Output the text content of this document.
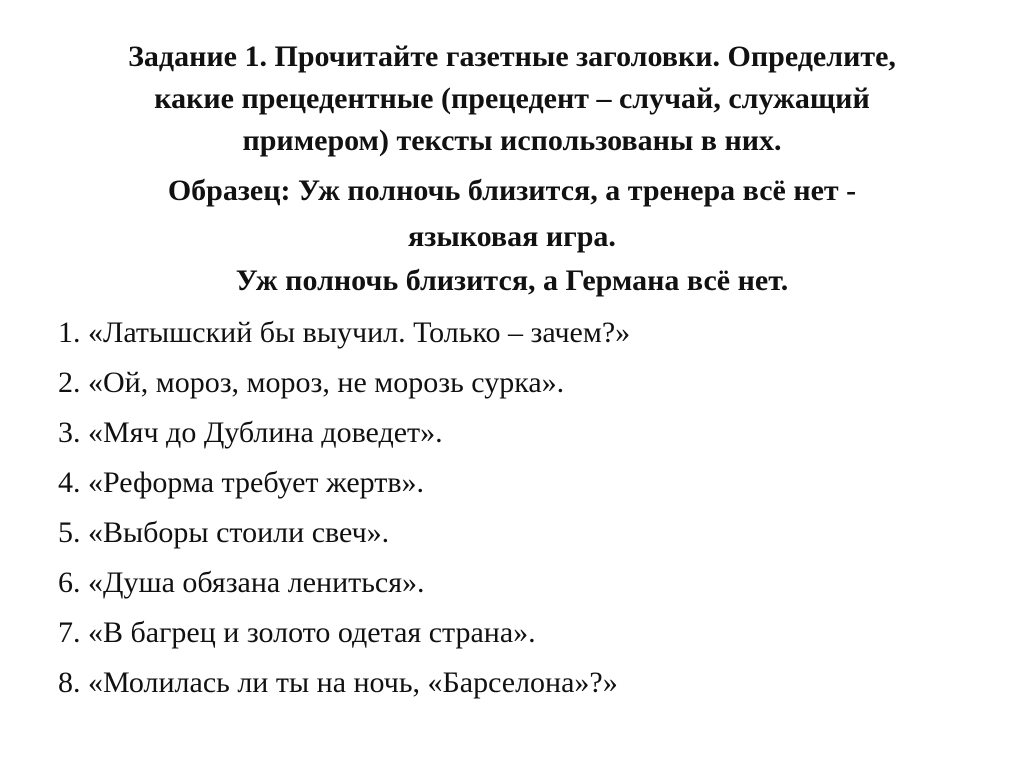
Задание 1. Прочитайте газетные заголовки. Определите,

какие прецедентные (прецедент – случай, служащий

примером) тексты использованы в них.

Образец: Уж полночь близится, а тренера всё нет -

языковая игра.

Уж полночь близится, а Германа всё нет.

1. «Латышский бы выучил. Только – зачем?»
2. «Ой, мороз, мороз, не морозь сурка».
3. «Мяч до Дублина доведет».
4. «Реформа требует жертв».
5. «Выборы стоили свеч».
6. «Душа обязана лениться».
7. «В багрец и золото одетая страна».
8. «Молилась ли ты на ночь, «Барселона»?»
